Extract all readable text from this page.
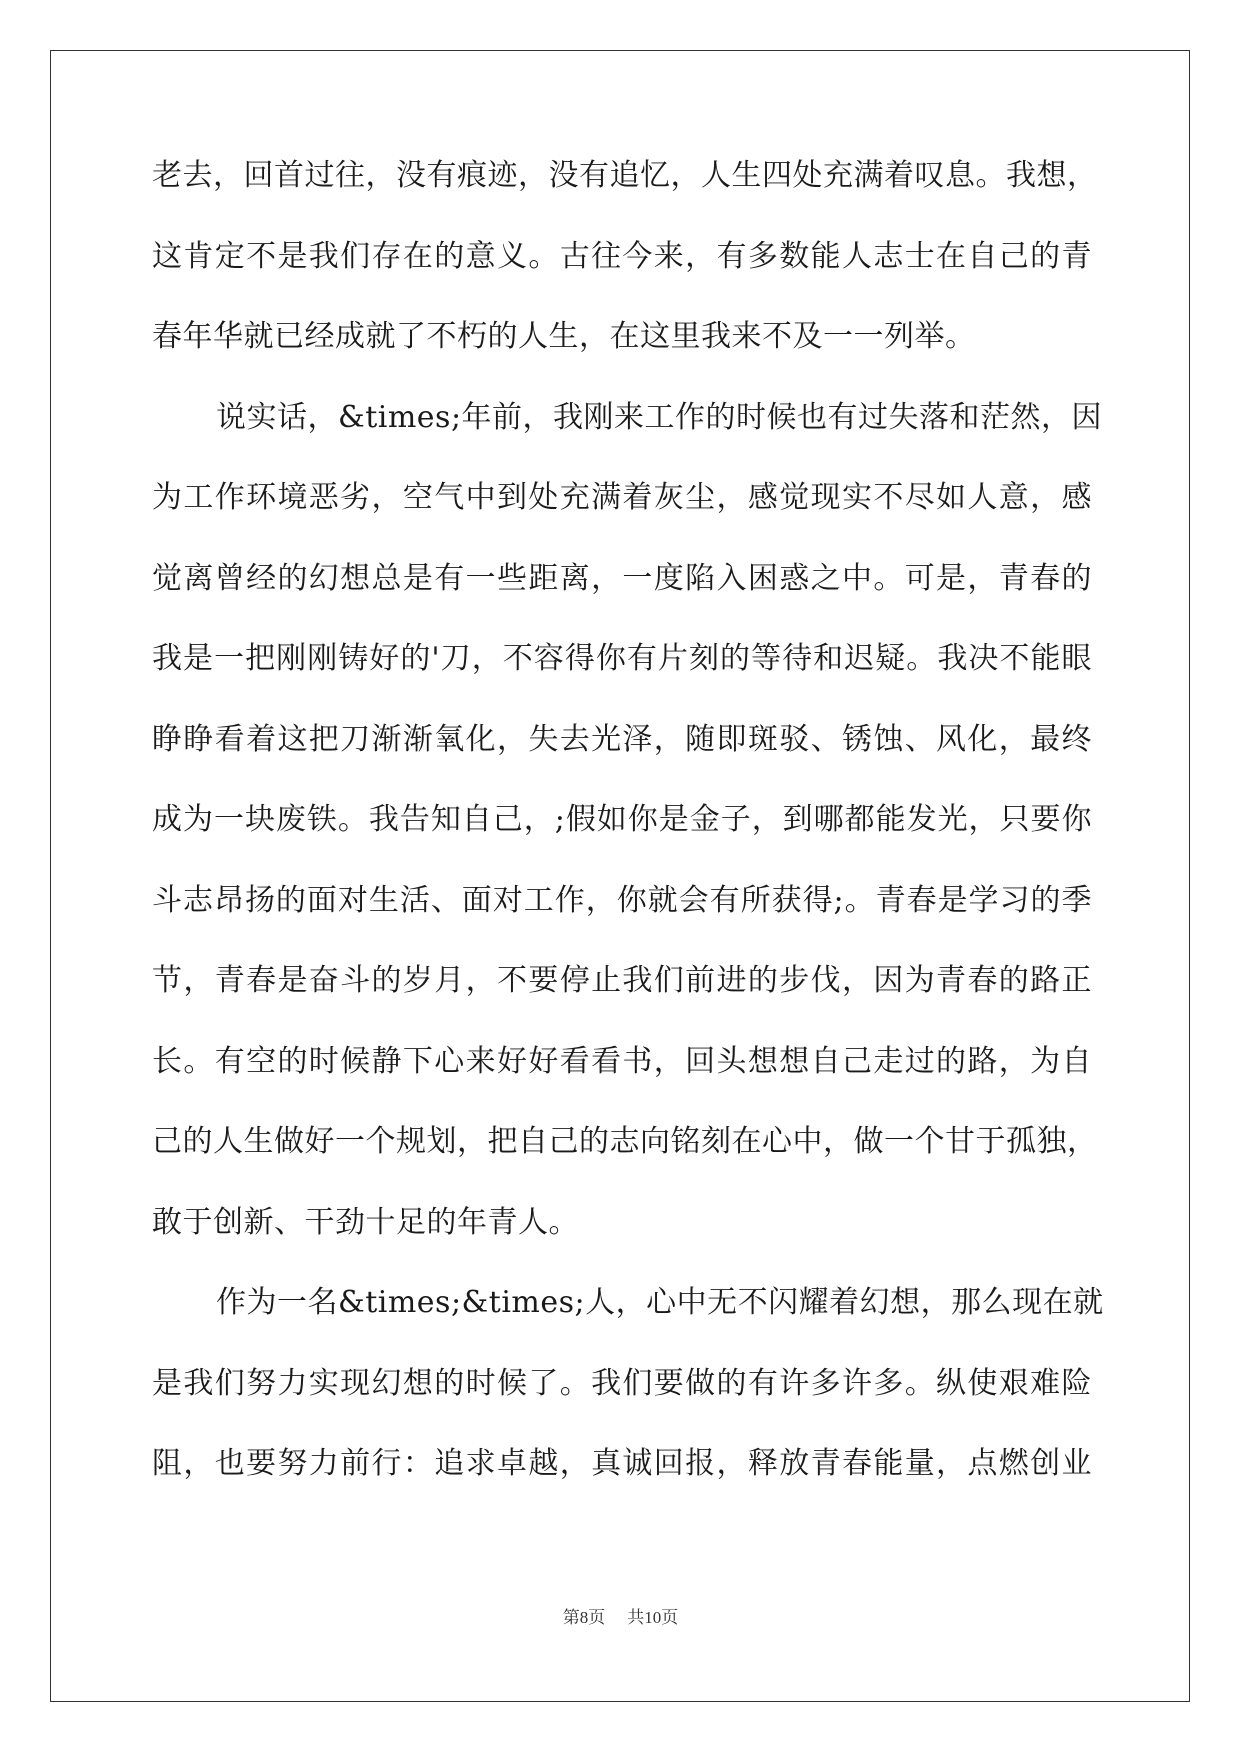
老去，回首过往，没有痕迹，没有追忆，人生四处充满着叹息。我想，
这肯定不是我们存在的意义。古往今来，有多数能人志士在自己的青
春年华就已经成就了不朽的人生，在这里我来不及一一列举。
说实话，&times;年前，我刚来工作的时候也有过失落和茫然，因
为工作环境恶劣，空气中到处充满着灰尘，感觉现实不尽如人意，感
觉离曾经的幻想总是有一些距离，一度陷入困惑之中。可是，青春的
我是一把刚刚铸好的'刀，不容得你有片刻的等待和迟疑。我决不能眼
睁睁看着这把刀渐渐氧化，失去光泽，随即斑驳、锈蚀、风化，最终
成为一块废铁。我告知自己，;假如你是金子，到哪都能发光，只要你
斗志昂扬的面对生活、面对工作，你就会有所获得;。青春是学习的季
节，青春是奋斗的岁月，不要停止我们前进的步伐，因为青春的路正
长。有空的时候静下心来好好看看书，回头想想自己走过的路，为自
己的人生做好一个规划，把自己的志向铭刻在心中，做一个甘于孤独，
敢于创新、干劲十足的年青人。
作为一名&times;&times;人，心中无不闪耀着幻想，那么现在就
是我们努力实现幻想的时候了。我们要做的有许多许多。纵使艰难险
阻，也要努力前行：追求卓越，真诚回报，释放青春能量，点燃创业
第8页 共10页
